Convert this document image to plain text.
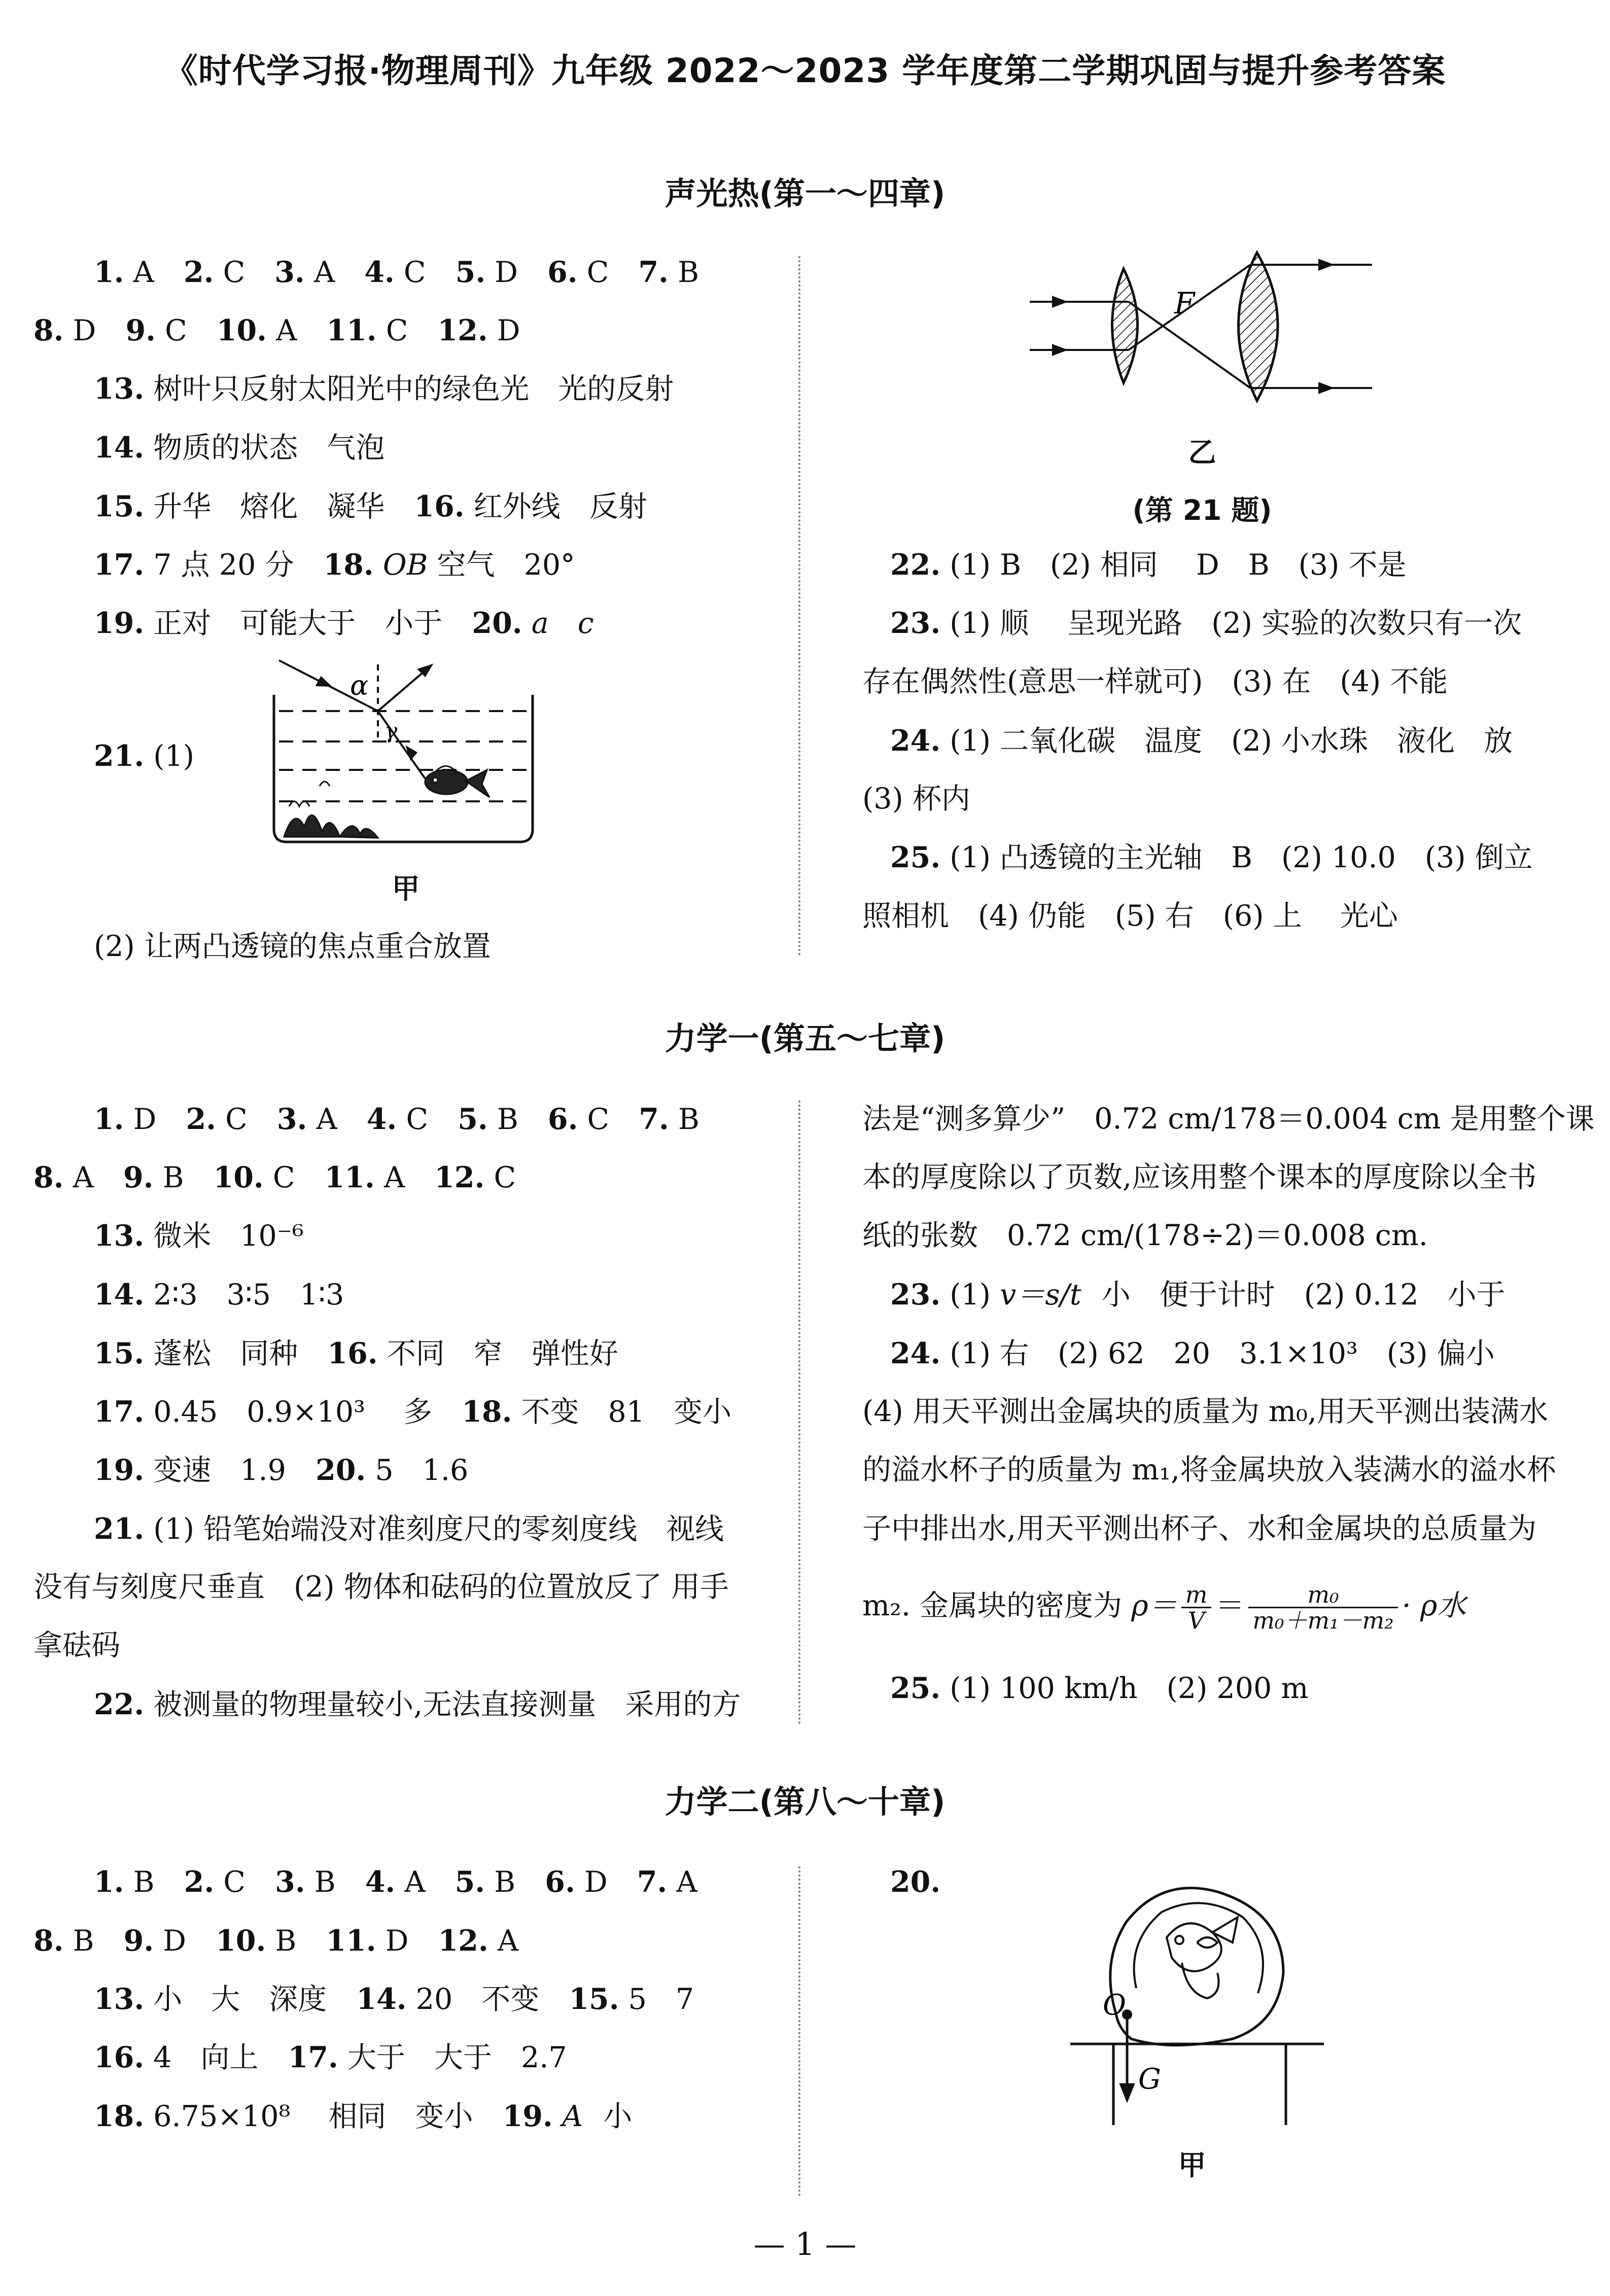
《时代学习报·物理周刊》九年级 2022～2023 学年度第二学期巩固与提升参考答案
声光热(第一～四章)
1. A 2. C 3. A 4. C 5. D 6. C 7. B
8. D 9. C 10. A 11. C 12. D
13. 树叶只反射太阳光中的绿色光　光的反射
14. 物质的状态　气泡
15. 升华　熔化　凝华 16. 红外线　反射
17. 7 点 20 分 18. OB 空气　20°
19. 正对　可能大于　小于 20. a　c
21. (1)
α
γ
甲
(2) 让两凸透镜的焦点重合放置
F
乙
(第 21 题)
22. (1) B　(2) 相同　 D　B　(3) 不是
23. (1) 顺　 呈现光路　(2) 实验的次数只有一次
存在偶然性(意思一样就可)　(3) 在　(4) 不能
24. (1) 二氧化碳　温度　(2) 小水珠　液化　放
(3) 杯内
25. (1) 凸透镜的主光轴　B　(2) 10.0　(3) 倒立
照相机　(4) 仍能　(5) 右　(6) 上　 光心
力学一(第五～七章)
1. D 2. C 3. A 4. C 5. B 6. C 7. B
8. A 9. B 10. C 11. A 12. C
13. 微米　10⁻⁶
14. 2∶3　3∶5　1∶3
15. 蓬松　同种 16. 不同　窄　弹性好
17. 0.45　0.9×10³　 多 18. 不变　81　变小
19. 变速　1.9 20. 5　1.6
21. (1) 铅笔始端没对准刻度尺的零刻度线　视线
没有与刻度尺垂直　(2) 物体和砝码的位置放反了 用手
拿砝码
22. 被测量的物理量较小,无法直接测量　采用的方
法是“测多算少”　0.72 cm/178＝0.004 cm 是用整个课
本的厚度除以了页数,应该用整个课本的厚度除以全书
纸的张数　0.72 cm/(178÷2)＝0.008 cm.
23. (1) v＝s/t 小　便于计时　(2) 0.12　小于
24. (1) 右　(2) 62　20　3.1×10³　(3) 偏小
(4) 用天平测出金属块的质量为 m₀,用天平测出装满水
的溢水杯子的质量为 m₁,将金属块放入装满水的溢水杯
子中排出水,用天平测出杯子、水和金属块的总质量为
m₂. 金属块的密度为 $\rho= \frac{m}{V} = \frac{\text{m₀}}{\text{m₀＋m₁－m₂}} \cdot \rho$水
25. (1) 100 km/h　(2) 200 m
力学二(第八～十章)
1. B 2. C 3. B 4. A 5. B 6. D 7. A
8. B 9. D 10. B 11. D 12. A
13. 小　大　深度 14. 20　不变 15. 5　7
16. 4　向上 17. 大于　大于　2.7
18. 6.75×10⁸　 相同　变小 19. A 小
20.
O
G
甲
— 1 —
